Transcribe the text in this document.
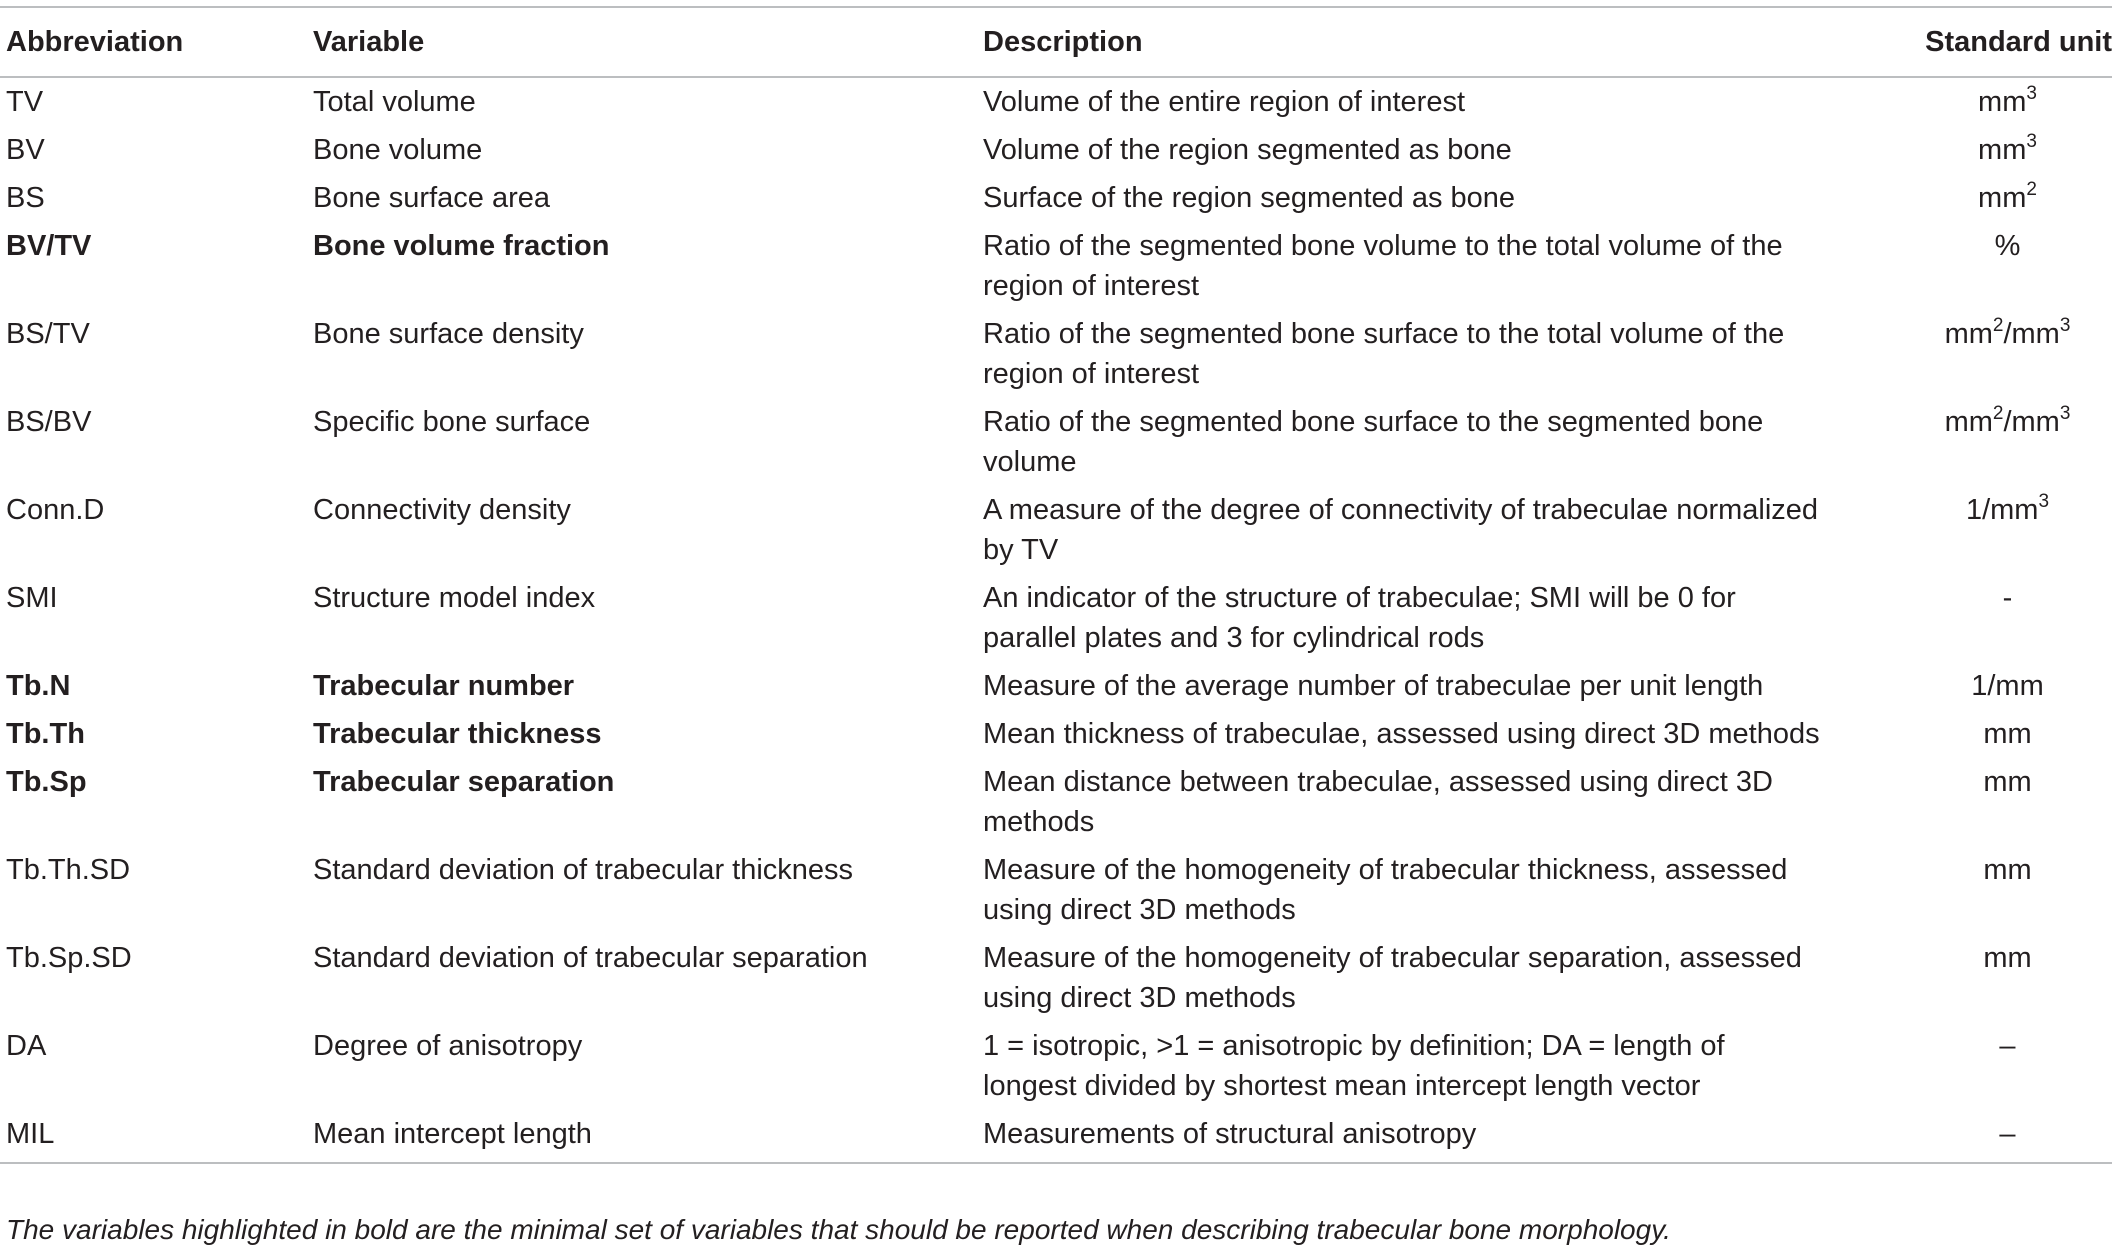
Abbreviation	Variable	Description	Standard unit
TV	Total volume	Volume of the entire region of interest	$mm^3$
BV	Bone volume	Volume of the region segmented as bone	$mm^3$
BS	Bone surface area	Surface of the region segmented as bone	$mm^2$
BV/TV	Bone volume fraction	Ratio of the segmented bone volume to the total volume of the region of interest	%
BS/TV	Bone surface density	Ratio of the segmented bone surface to the total volume of the region of interest	$mm^2/mm^3$
BS/BV	Specific bone surface	Ratio of the segmented bone surface to the segmented bone volume	$mm^2/mm^3$
Conn.D	Connectivity density	A measure of the degree of connectivity of trabeculae normalized by TV	$1/mm^3$
SMI	Structure model index	An indicator of the structure of trabeculae; SMI will be 0 for parallel plates and 3 for cylindrical rods	-
Tb.N	Trabecular number	Measure of the average number of trabeculae per unit length	1/mm
Tb.Th	Trabecular thickness	Mean thickness of trabeculae, assessed using direct 3D methods	mm
Tb.Sp	Trabecular separation	Mean distance between trabeculae, assessed using direct 3D methods	mm
Tb.Th.SD	Standard deviation of trabecular thickness	Measure of the homogeneity of trabecular thickness, assessed using direct 3D methods	mm
Tb.Sp.SD	Standard deviation of trabecular separation	Measure of the homogeneity of trabecular separation, assessed using direct 3D methods	mm
DA	Degree of anisotropy	1 = isotropic, >1 = anisotropic by definition; DA = length of longest divided by shortest mean intercept length vector	–
MIL	Mean intercept length	Measurements of structural anisotropy	–
The variables highlighted in bold are the minimal set of variables that should be reported when describing trabecular bone morphology.
